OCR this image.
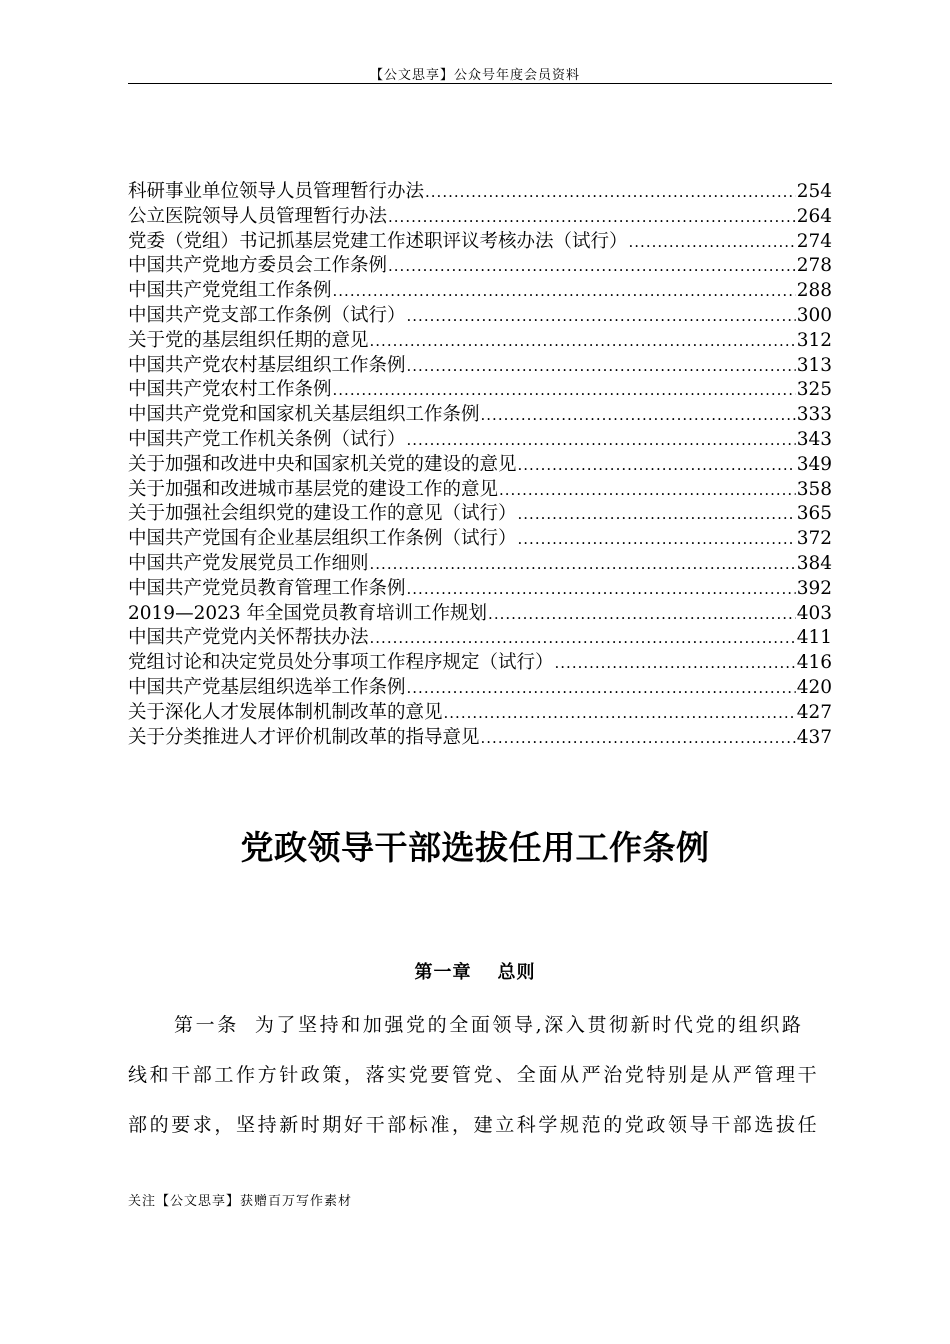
【公文思享】公众号年度会员资料
科研事业单位领导人员管理暂行办法 .....	254
公立医院领导人员管理暂行办法 .....	264
党委（党组）书记抓基层党建工作述职评议考核办法（试行） .....	274
中国共产党地方委员会工作条例 .....	278
中国共产党党组工作条例 .....	288
中国共产党支部工作条例（试行） .....	300
关于党的基层组织任期的意见 .....	312
中国共产党农村基层组织工作条例 .....	313
中国共产党农村工作条例 .....	325
中国共产党党和国家机关基层组织工作条例 .....	333
中国共产党工作机关条例（试行） .....	343
关于加强和改进中央和国家机关党的建设的意见 .....	349
关于加强和改进城市基层党的建设工作的意见 .....	358
关于加强社会组织党的建设工作的意见（试行） .....	365
中国共产党国有企业基层组织工作条例（试行） .....	372
中国共产党发展党员工作细则 .....	384
中国共产党党员教育管理工作条例 .....	392
2019—2023 年全国党员教育培训工作规划 .....	403
中国共产党党内关怀帮扶办法 .....	411
党组讨论和决定党员处分事项工作程序规定（试行） .....	416
中国共产党基层组织选举工作条例 .....	420
关于深化人才发展体制机制改革的意见 .....	427
关于分类推进人才评价机制改革的指导意见 .....	437
党政领导干部选拔任用工作条例
第一章 总则
第一条 为了坚持和加强党的全面领导,深入贯彻新时代党的组织路
线和干部工作方针政策，落实党要管党、全面从严治党特别是从严管理干
部的要求，坚持新时期好干部标准，建立科学规范的党政领导干部选拔任
关注【公文思享】获赠百万写作素材
